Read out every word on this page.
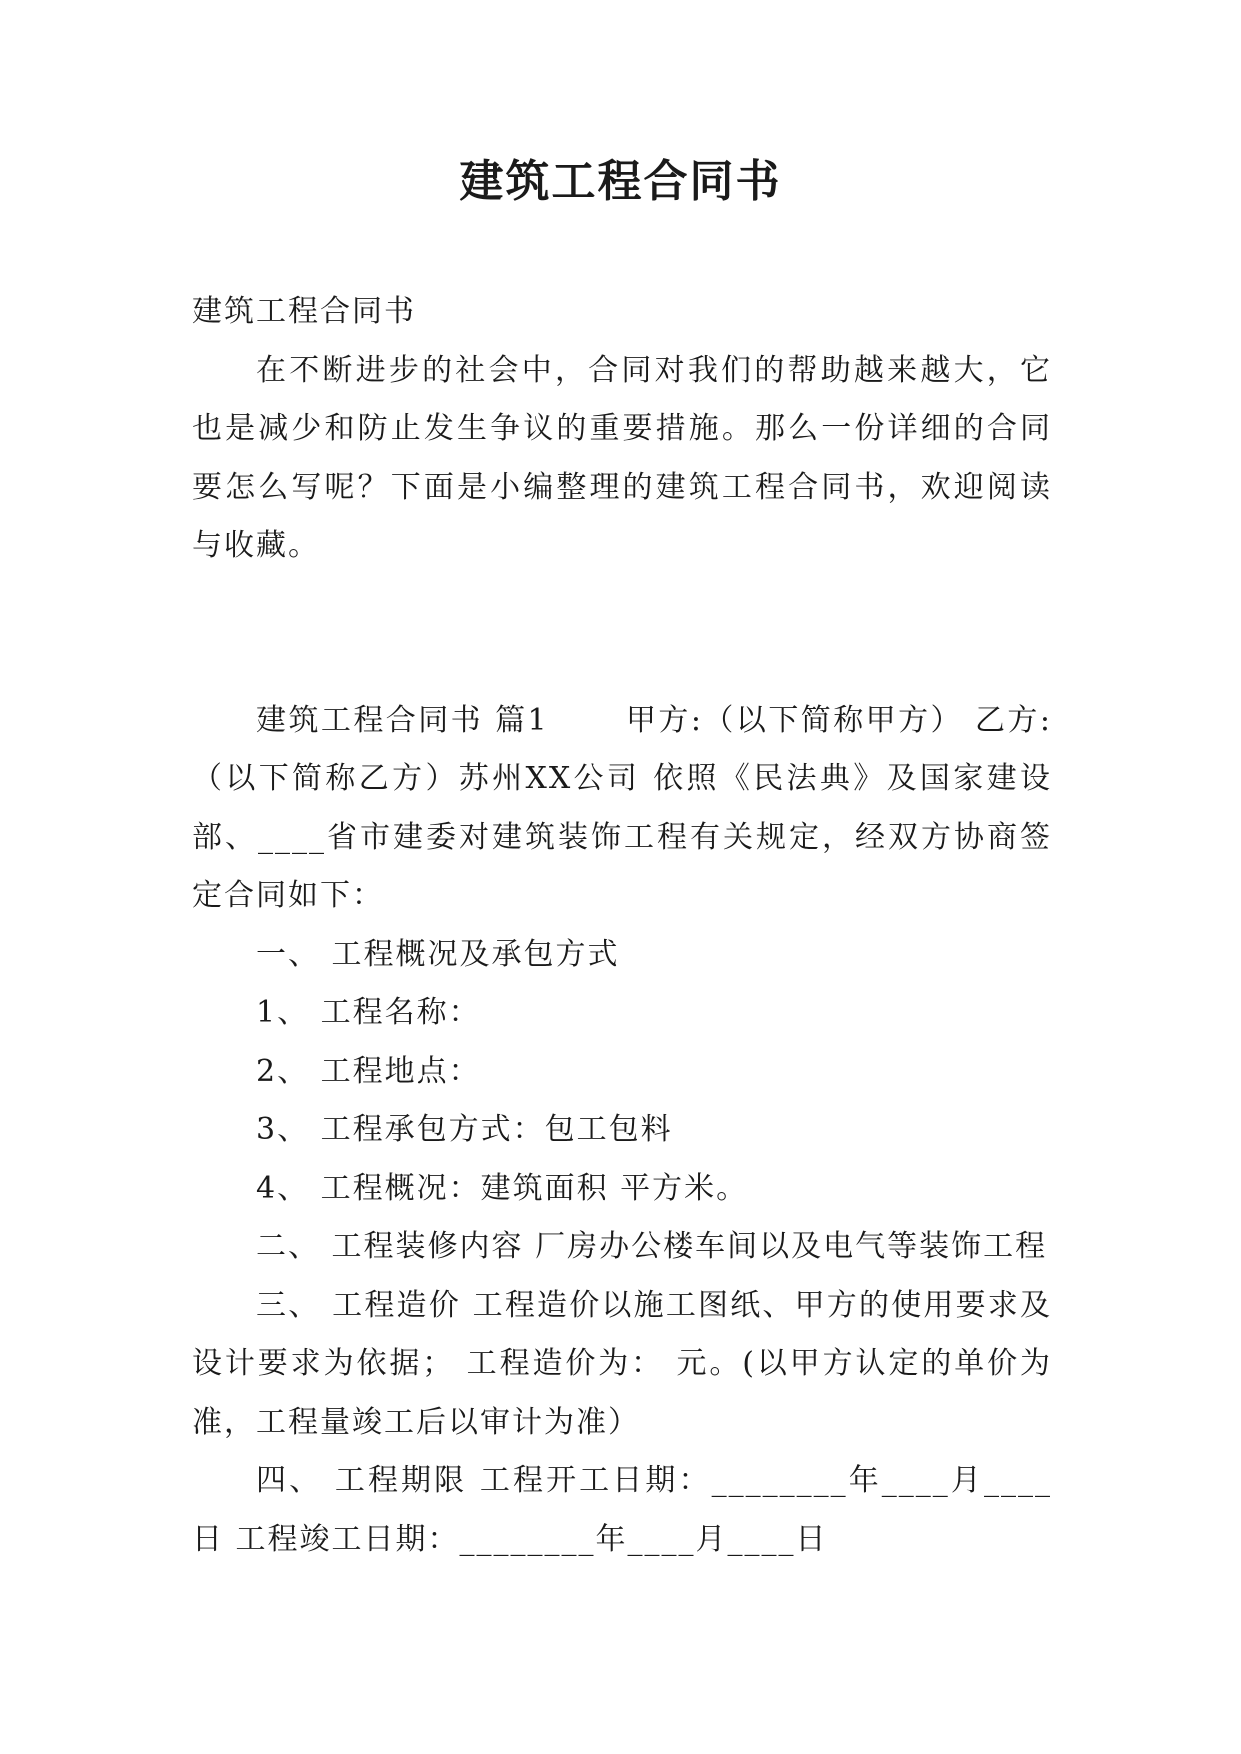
建筑工程合同书

建筑工程合同书

在不断进步的社会中，合同对我们的帮助越来越大，它也是减少和防止发生争议的重要措施。那么一份详细的合同要怎么写呢？下面是小编整理的建筑工程合同书，欢迎阅读与收藏。

建筑工程合同书 篇1　　 甲方:（以下简称甲方） 乙方:（以下简称乙方）苏州XX公司 依照《民法典》及国家建设部、____省市建委对建筑装饰工程有关规定，经双方协商签定合同如下：

一、 工程概况及承包方式

1、 工程名称：

2、 工程地点：

3、 工程承包方式：包工包料

4、 工程概况：建筑面积 平方米。

二、 工程装修内容 厂房办公楼车间以及电气等装饰工程

三、 工程造价 工程造价以施工图纸、甲方的使用要求及设计要求为依据； 工程造价为： 元。(以甲方认定的单价为准，工程量竣工后以审计为准）

四、 工程期限 工程开工日期：________年____月____日 工程竣工日期：________年____月____日
